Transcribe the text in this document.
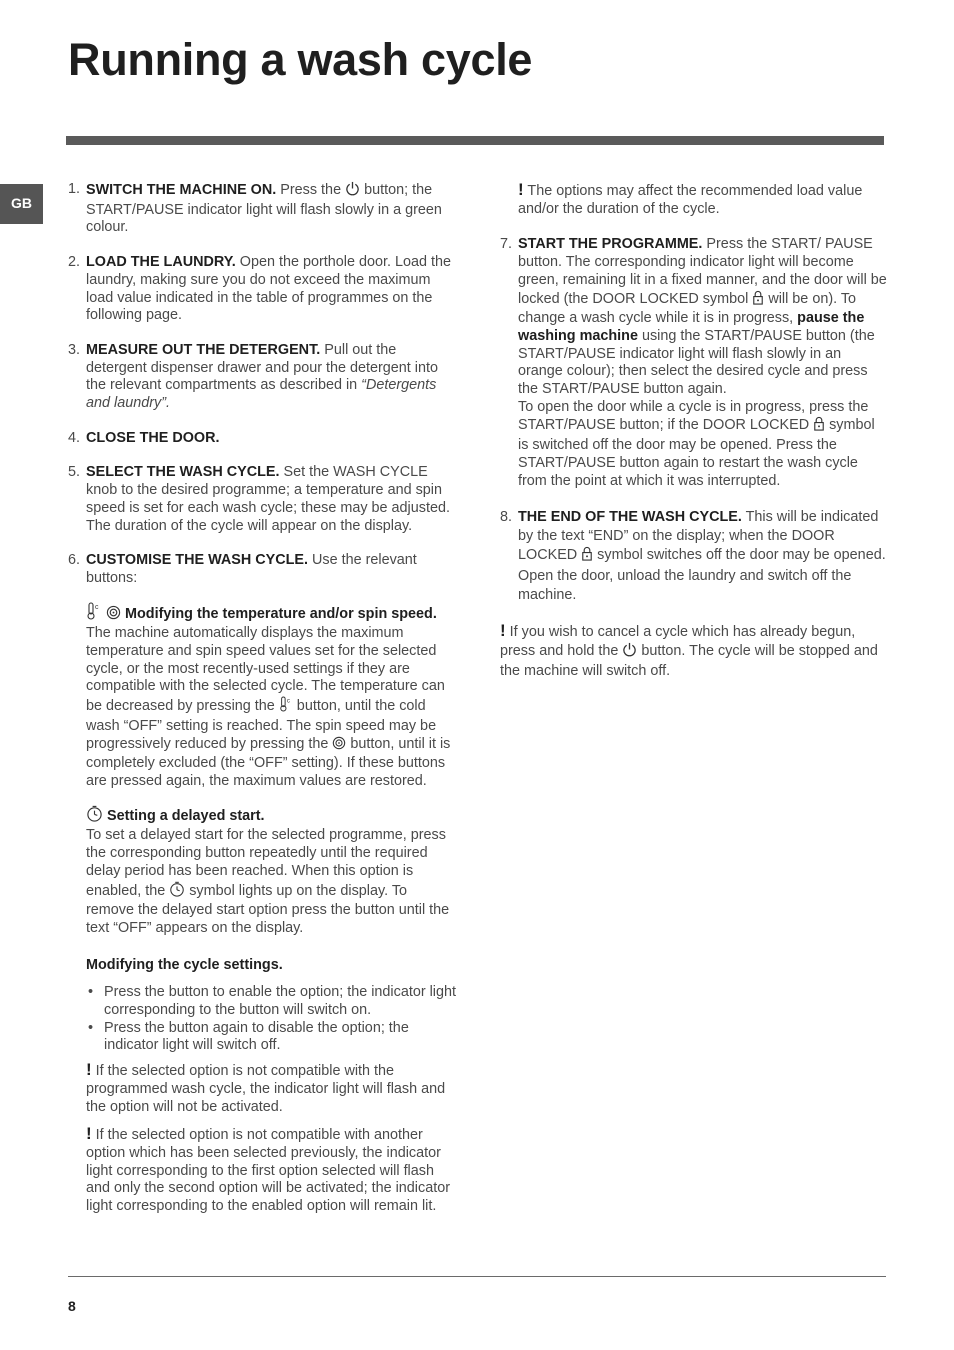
Running a wash cycle
GB
1. SWITCH THE MACHINE ON. Press the  button; the START/PAUSE indicator light will flash slowly in a green colour.
2. LOAD THE LAUNDRY. Open the porthole door. Load the laundry, making sure you do not exceed the maximum load value indicated in the table of programmes on the following page.
3. MEASURE OUT THE DETERGENT. Pull out the detergent dispenser drawer and pour the detergent into the relevant compartments as described in “Detergents and laundry”.
4. CLOSE THE DOOR.
5. SELECT THE WASH CYCLE. Set the WASH CYCLE knob to the desired programme; a temperature and spin speed is set for each wash cycle; these may be adjusted. The duration of the cycle will appear on the display.
6. CUSTOMISE THE WASH CYCLE. Use the relevant buttons:
c Modifying the temperature and/or spin speed. The machine automatically displays the maximum temperature and spin speed values set for the selected cycle, or the most recently-used settings if they are compatible with the selected cycle. The temperature can be decreased by pressing the c button, until the cold wash “OFF” setting is reached. The spin speed may be progressively reduced by pressing the  button, until it is completely excluded (the “OFF” setting). If these buttons are pressed again, the maximum values are restored.

Setting a delayed start.

To set a delayed start for the selected programme, press the corresponding button repeatedly until the required delay period has been reached. When this option is enabled, the  symbol lights up on the display. To remove the delayed start option press the button until the text “OFF” appears on the display.

Modifying the cycle settings.

• Press the button to enable the option; the indicator light corresponding to the button will switch on.
• Press the button again to disable the option; the indicator light will switch off.
! If the selected option is not compatible with the programmed wash cycle, the indicator light will flash and the option will not be activated.
! If the selected option is not compatible with another option which has been selected previously, the indicator light corresponding to the first option selected will flash and only the second option will be activated; the indicator light corresponding to the enabled option will remain lit.
! The options may affect the recommended load value and/or the duration of the cycle.
7. START THE PROGRAMME. Press the START/ PAUSE button. The corresponding indicator light will become green, remaining lit in a fixed manner, and the door will be locked (the DOOR LOCKED symbol  will be on). To change a wash cycle while it is in progress, pause the washing machine using the START/PAUSE button (the START/PAUSE indicator light will flash slowly in an orange colour); then select the desired cycle and press the START/PAUSE button again.

To open the door while a cycle is in progress, press the START/PAUSE button; if the DOOR LOCKED  symbol is switched off the door may be opened. Press the START/PAUSE button again to restart the wash cycle from the point at which it was interrupted.

8. THE END OF THE WASH CYCLE. This will be indicated by the text “END” on the display; when the DOOR LOCKED  symbol switches off the door may be opened. Open the door, unload the laundry and switch off the machine.
! If you wish to cancel a cycle which has already begun, press and hold the  button. The cycle will be stopped and the machine will switch off.
8
